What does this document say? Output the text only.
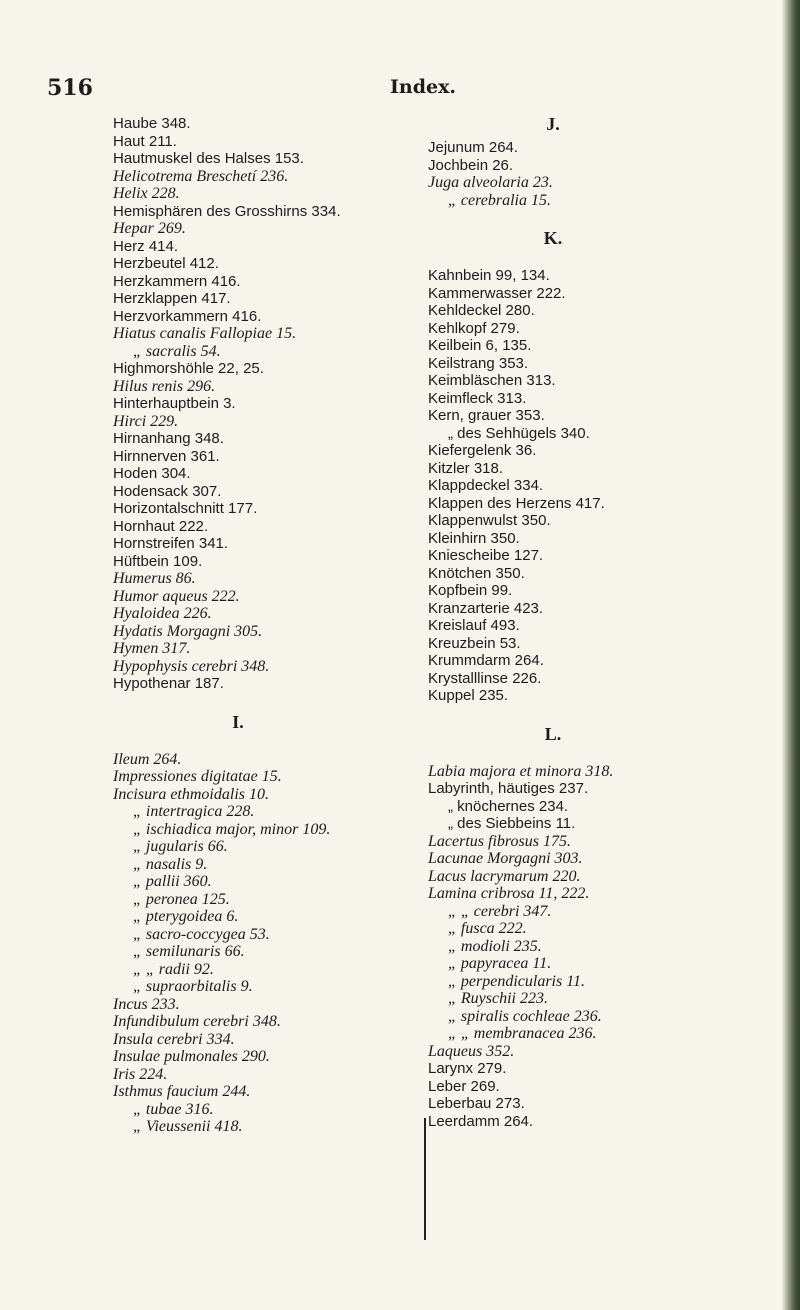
516	Index.
Haube 348.
Haut 211.
Hautmuskel des Halses 153.
Helicotrema Breschetí 236.
Helix 228.
Hemisphären des Grosshirns 334.
Hepar 269.
Herz 414.
Herzbeutel 412.
Herzkammern 416.
Herzklappen 417.
Herzvorkammern 416.
Hiatus canalis Fallopiae 15.
„ sacralis 54.
Highmorshöhle 22, 25.
Hilus renis 296.
Hinterhauptbein 3.
Hirci 229.
Hirnanhang 348.
Hirnnerven 361.
Hoden 304.
Hodensack 307.
Horizontalschnitt 177.
Hornhaut 222.
Hornstreifen 341.
Hüftbein 109.
Humerus 86.
Humor aqueus 222.
Hyaloidea 226.
Hydatis Morgagni 305.
Hymen 317.
Hypophysis cerebri 348.
Hypothenar 187.
I.
Ileum 264.
Impressiones digitatae 15.
Incisura ethmoidalis 10.
„ intertragica 228.
„ ischiadica major, minor 109.
„ jugularis 66.
„ nasalis 9.
„ pallii 360.
„ peronea 125.
„ pterygoidea 6.
„ sacro-coccygea 53.
„ semilunaris 66.
„ „ radii 92.
„ supraorbitalis 9.
Incus 233.
Infundibulum cerebri 348.
Insula cerebri 334.
Insulae pulmonales 290.
Iris 224.
Isthmus faucium 244.
„ tubae 316.
„ Vieussenii 418.
J.
Jejunum 264.
Jochbein 26.
Juga alveolaria 23.
„ cerebralia 15.
K.
Kahnbein 99, 134.
Kammerwasser 222.
Kehldeckel 280.
Kehlkopf 279.
Keilbein 6, 135.
Keilstrang 353.
Keimbläschen 313.
Keimfleck 313.
Kern, grauer 353.
„ des Sehhügels 340.
Kiefergelenk 36.
Kitzler 318.
Klappdeckel 334.
Klappen des Herzens 417.
Klappenwulst 350.
Kleinhirn 350.
Kniescheibe 127.
Knötchen 350.
Kopfbein 99.
Kranzarterie 423.
Kreislauf 493.
Kreuzbein 53.
Krummdarm 264.
Krystalllinse 226.
Kuppel 235.
L.
Labia majora et minora 318.
Labyrinth, häutiges 237.
„ knöchernes 234.
„ des Siebbeins 11.
Lacertus fibrosus 175.
Lacunae Morgagni 303.
Lacus lacrymarum 220.
Lamina cribrosa 11, 222.
„ „ cerebri 347.
„ fusca 222.
„ modioli 235.
„ papyracea 11.
„ perpendicularis 11.
„ Ruyschii 223.
„ spiralis cochleae 236.
„ „ membranacea 236.
Laqueus 352.
Larynx 279.
Leber 269.
Leberbau 273.
Leerdamm 264.
